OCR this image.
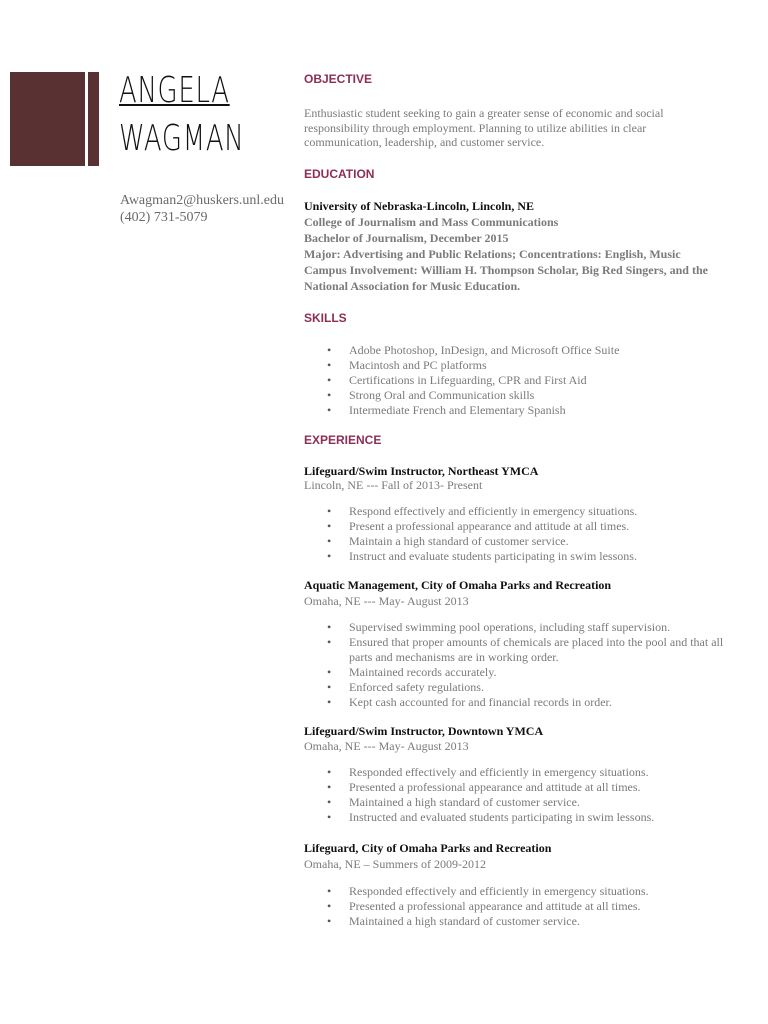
ANGELA
WAGMAN
Awagman2@huskers.unl.edu
(402) 731-5079
OBJECTIVE

Enthusiastic student seeking to gain a greater sense of economic and social responsibility through employment. Planning to utilize abilities in clear communication, leadership, and customer service.

EDUCATION

University of Nebraska-Lincoln, Lincoln, NE

College of Journalism and Mass Communications

Bachelor of Journalism, December 2015

Major: Advertising and Public Relations; Concentrations: English, Music

Campus Involvement: William H. Thompson Scholar, Big Red Singers, and the National Association for Music Education.

SKILLS
• Adobe Photoshop, InDesign, and Microsoft Office Suite
• Macintosh and PC platforms
• Certifications in Lifeguarding, CPR and First Aid
• Strong Oral and Communication skills
• Intermediate French and Elementary Spanish
EXPERIENCE

Lifeguard/Swim Instructor, Northeast YMCA

Lincoln, NE --- Fall of 2013- Present

• Respond effectively and efficiently in emergency situations.
• Present a professional appearance and attitude at all times.
• Maintain a high standard of customer service.
• Instruct and evaluate students participating in swim lessons.

Aquatic Management, City of Omaha Parks and Recreation

Omaha, NE --- May- August 2013

• Supervised swimming pool operations, including staff supervision.
• Ensured that proper amounts of chemicals are placed into the pool and that all parts and mechanisms are in working order.
• Maintained records accurately.
• Enforced safety regulations.
• Kept cash accounted for and financial records in order.

Lifeguard/Swim Instructor, Downtown YMCA

Omaha, NE --- May- August 2013

• Responded effectively and efficiently in emergency situations.
• Presented a professional appearance and attitude at all times.
• Maintained a high standard of customer service.
• Instructed and evaluated students participating in swim lessons.

Lifeguard, City of Omaha Parks and Recreation

Omaha, NE – Summers of 2009-2012

• Responded effectively and efficiently in emergency situations.
• Presented a professional appearance and attitude at all times.
• Maintained a high standard of customer service.
